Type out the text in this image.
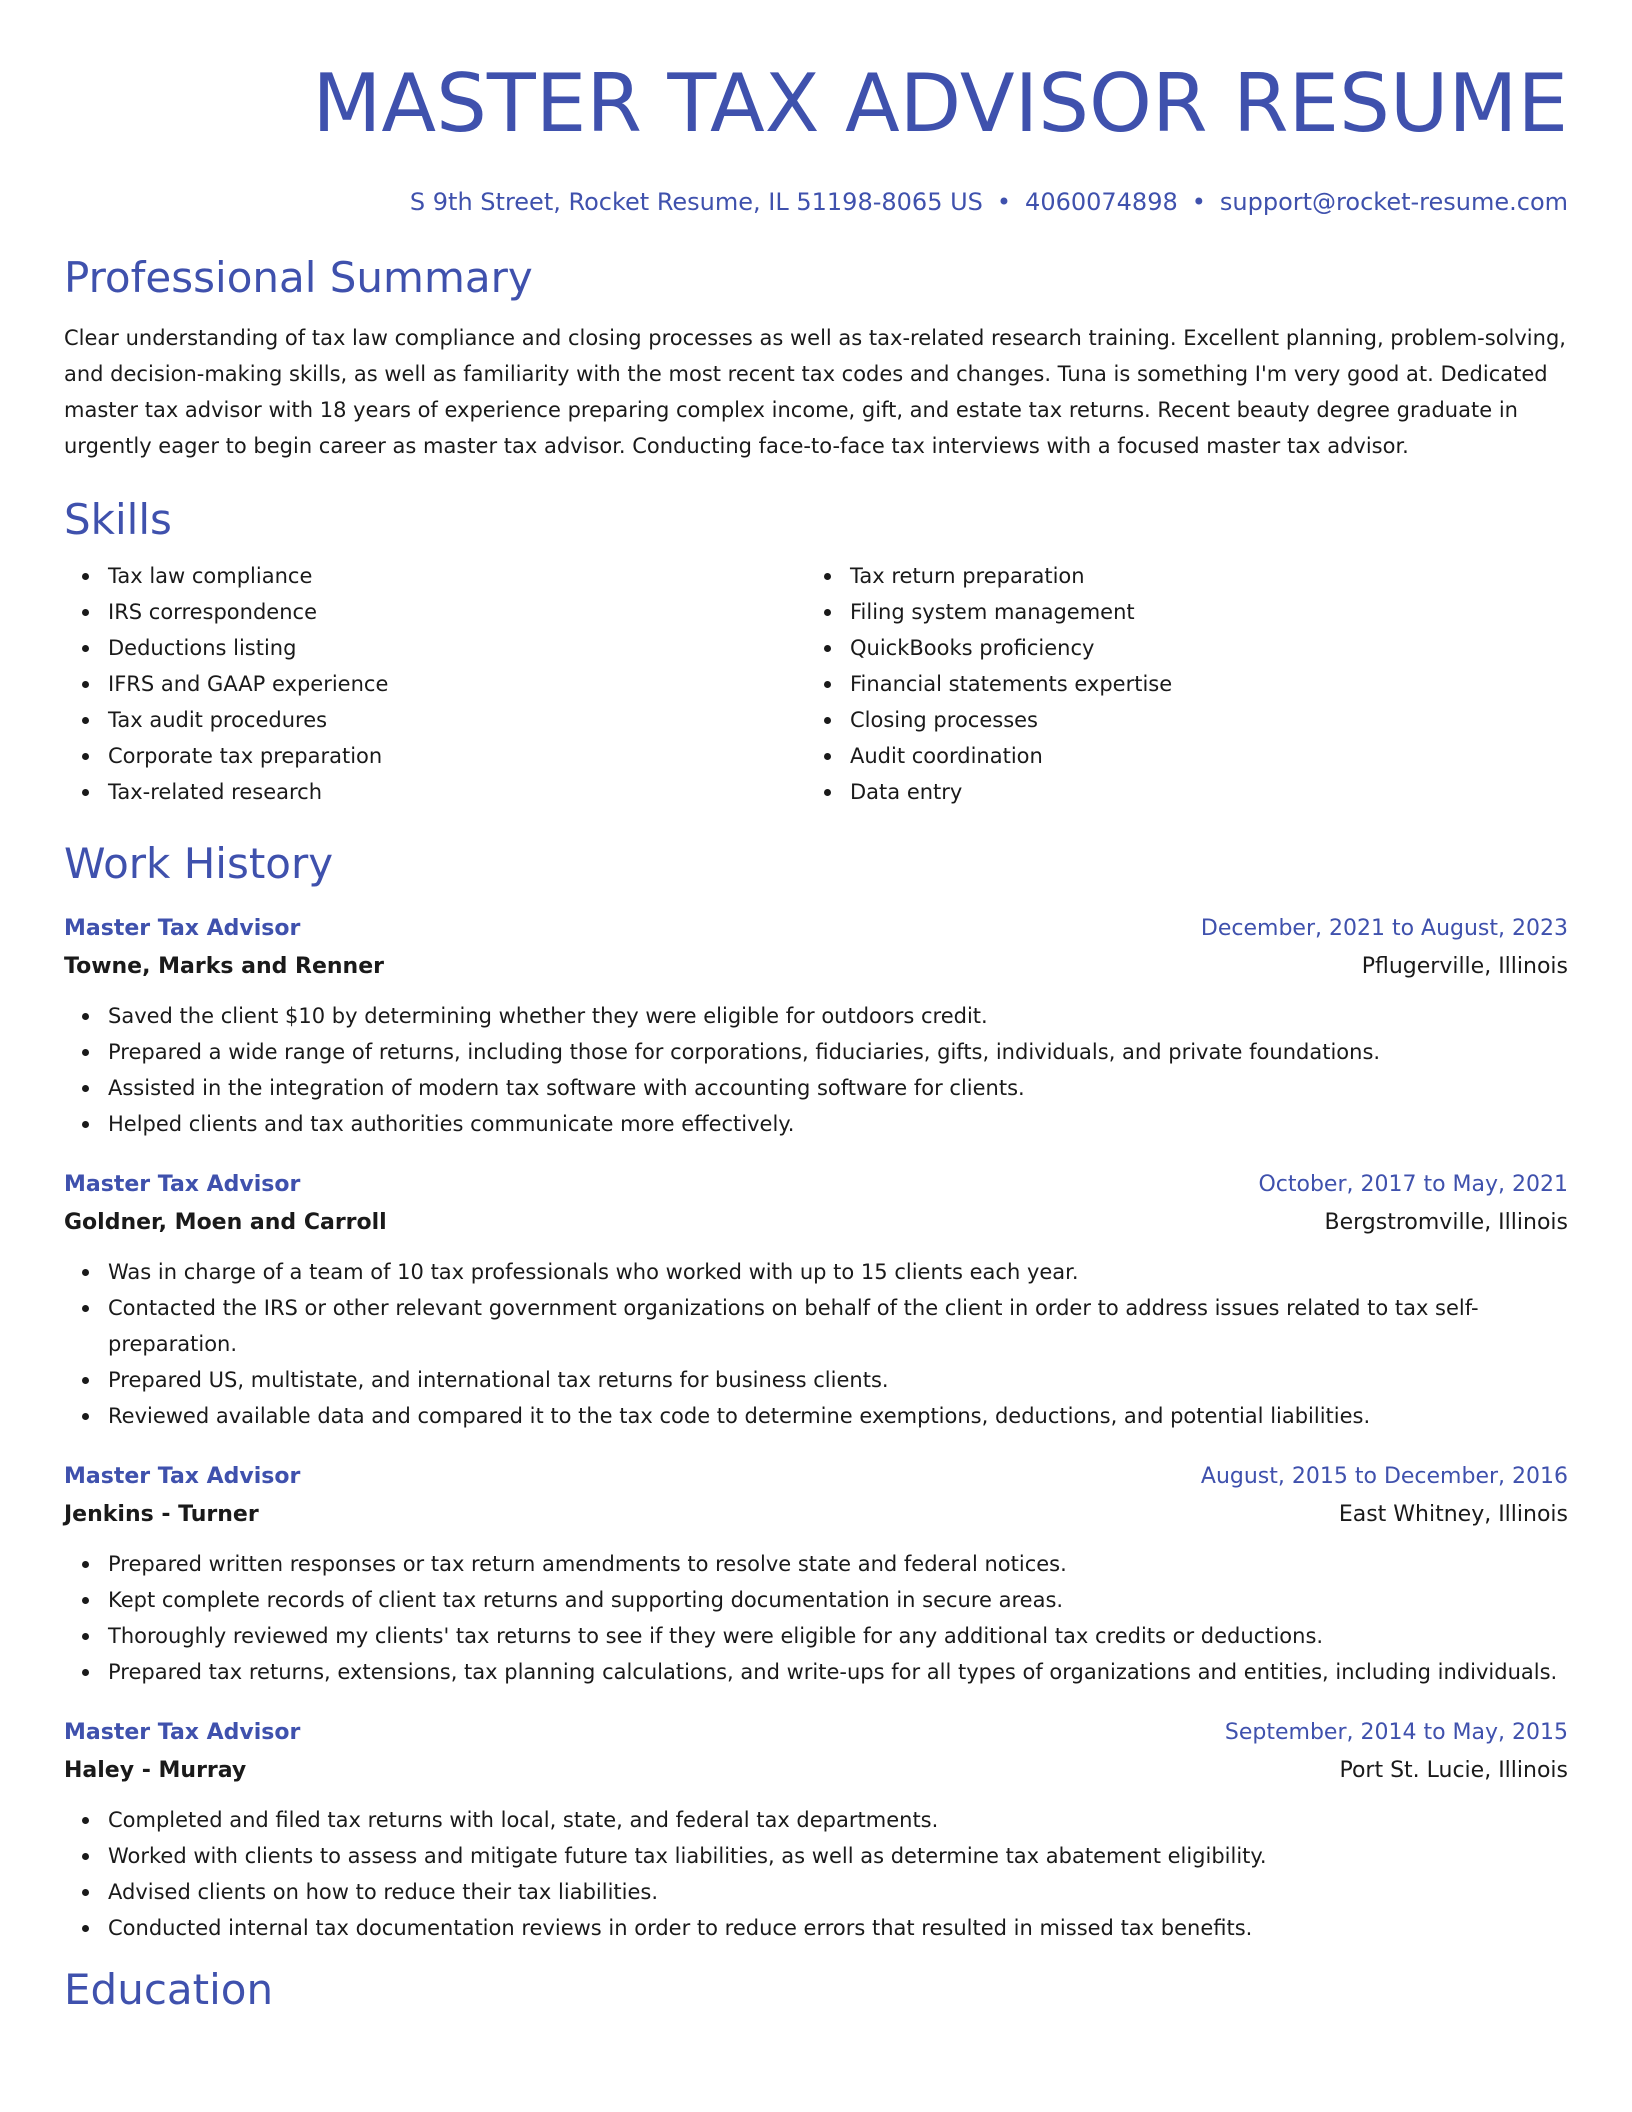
MASTER TAX ADVISOR RESUME
S 9th Street, Rocket Resume, IL 51198-8065 US • 4060074898 • support@rocket-resume.com
Professional Summary

Clear understanding of tax law compliance and closing processes as well as tax-related research training. Excellent planning, problem-solving, and decision-making skills, as well as familiarity with the most recent tax codes and changes. Tuna is something I'm very good at. Dedicated master tax advisor with 18 years of experience preparing complex income, gift, and estate tax returns. Recent beauty degree graduate in urgently eager to begin career as master tax advisor. Conducting face-to-face tax interviews with a focused master tax advisor.

Skills
Tax law compliance
IRS correspondence
Deductions listing
IFRS and GAAP experience
Tax audit procedures
Corporate tax preparation
Tax-related research
Tax return preparation
Filing system management
QuickBooks proficiency
Financial statements expertise
Closing processes
Audit coordination
Data entry
Work History
Master Tax Advisor	December, 2021 to August, 2023
Towne, Marks and Renner	Pflugerville, Illinois
Saved the client $10 by determining whether they were eligible for outdoors credit.
Prepared a wide range of returns, including those for corporations, fiduciaries, gifts, individuals, and private foundations.
Assisted in the integration of modern tax software with accounting software for clients.
Helped clients and tax authorities communicate more effectively.
Master Tax Advisor	October, 2017 to May, 2021
Goldner, Moen and Carroll	Bergstromville, Illinois
Was in charge of a team of 10 tax professionals who worked with up to 15 clients each year.
Contacted the IRS or other relevant government organizations on behalf of the client in order to address issues related to tax self-preparation.
Prepared US, multistate, and international tax returns for business clients.
Reviewed available data and compared it to the tax code to determine exemptions, deductions, and potential liabilities.
Master Tax Advisor	August, 2015 to December, 2016
Jenkins - Turner	East Whitney, Illinois
Prepared written responses or tax return amendments to resolve state and federal notices.
Kept complete records of client tax returns and supporting documentation in secure areas.
Thoroughly reviewed my clients' tax returns to see if they were eligible for any additional tax credits or deductions.
Prepared tax returns, extensions, tax planning calculations, and write-ups for all types of organizations and entities, including individuals.
Master Tax Advisor	September, 2014 to May, 2015
Haley - Murray	Port St. Lucie, Illinois
Completed and filed tax returns with local, state, and federal tax departments.
Worked with clients to assess and mitigate future tax liabilities, as well as determine tax abatement eligibility.
Advised clients on how to reduce their tax liabilities.
Conducted internal tax documentation reviews in order to reduce errors that resulted in missed tax benefits.
Education
